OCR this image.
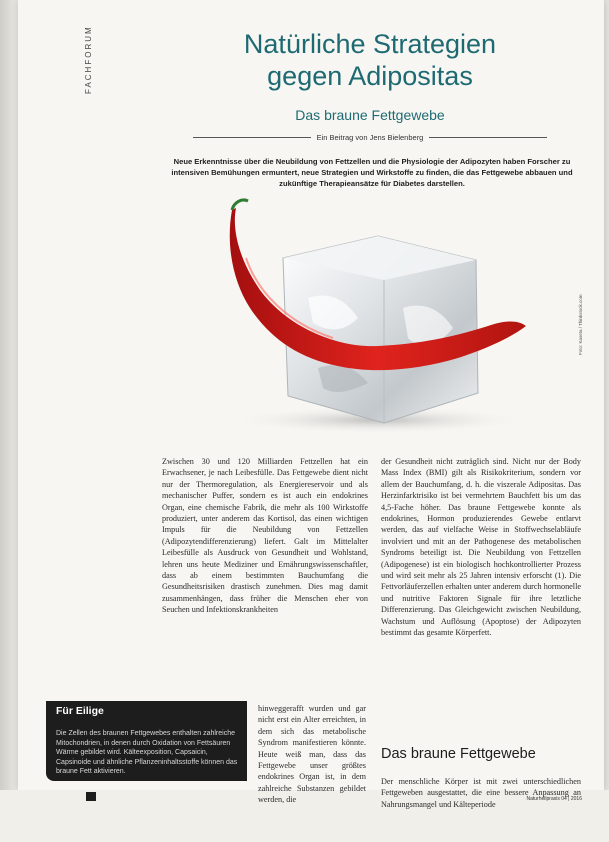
FACHFORUM	Natürliche Strategien
gegen Adipositas
Das braune Fettgewebe
Ein Beitrag von Jens Bielenberg
Neue Erkenntnisse über die Neubildung von Fettzellen und die Physiologie der Adipozyten haben Forscher zu intensiven Bemühungen ermuntert, neue Strategien und Wirkstoffe zu finden, die das Fettgewebe abbauen und zukünftige Therapieansätze für Diabetes darstellen.
Foto: Kaseta / Thinkstock.com
Zwischen 30 und 120 Milliarden Fettzellen hat ein Erwachsener, je nach Leibesfülle. Das Fettgewebe dient nicht nur der Thermoregulation, als Energiereservoir und als mechanischer Puffer, sondern es ist auch ein endokrines Organ, eine chemische Fabrik, die mehr als 100 Wirkstoffe produziert, unter anderem das Kortisol, das einen wichtigen Impuls für die Neubildung von Fettzellen (Adipozytendifferenzierung) liefert. Galt im Mittelalter Leibesfülle als Ausdruck von Gesundheit und Wohlstand, lehren uns heute Mediziner und Ernährungswissenschaftler, dass ab einem bestimmten Bauchumfang die Gesundheitsrisiken drastisch zunehmen. Dies mag damit zusammenhängen, dass früher die Menschen eher von Seuchen und Infektionskrankheiten
hinweggerafft wurden und gar nicht erst ein Alter erreichten, in dem sich das metabolische Syndrom manifestieren könnte. Heute weiß man, dass das Fettgewebe unser größtes endokrines Organ ist, in dem zahlreiche Substanzen gebildet werden, die
der Gesundheit nicht zuträglich sind. Nicht nur der Body Mass Index (BMI) gilt als Risikokriterium, sondern vor allem der Bauchumfang, d. h. die viszerale Adipositas. Das Herzinfarktrisiko ist bei vermehrtem Bauchfett bis um das 4,5-Fache höher. Das braune Fettgewebe konnte als endokrines, Hormon produzierendes Gewebe entlarvt werden, das auf vielfache Weise in Stoffwechselabläufe involviert und mit an der Pathogenese des metabolischen Syndroms beteiligt ist. Die Neubildung von Fettzellen (Adipogenese) ist ein biologisch hochkontrollierter Prozess und wird seit mehr als 25 Jahren intensiv erforscht (1). Die Fettvorläuferzellen erhalten unter anderem durch hormonelle und nutritive Faktoren Signale für ihre letztliche Differenzierung. Das Gleichgewicht zwischen Neubildung, Wachstum und Auflösung (Apoptose) der Adipozyten bestimmt das gesamte Körperfett.
Das braune Fettgewebe
Der menschliche Körper ist mit zwei unterschiedlichen Fettgeweben ausgestattet, die eine bessere Anpassung an Nahrungsmangel und Kälteperiode
Für Eilige
Die Zellen des braunen Fettgewebes enthalten zahlreiche Mitochondrien, in denen durch Oxidation von Fettsäuren Wärme gebildet wird. Kälteexposition, Capsaicin, Capsinoide und ähnliche Pflanzeninhaltsstoffe können das braune Fett aktivieren.
Naturheilpraxis 04 | 2016
